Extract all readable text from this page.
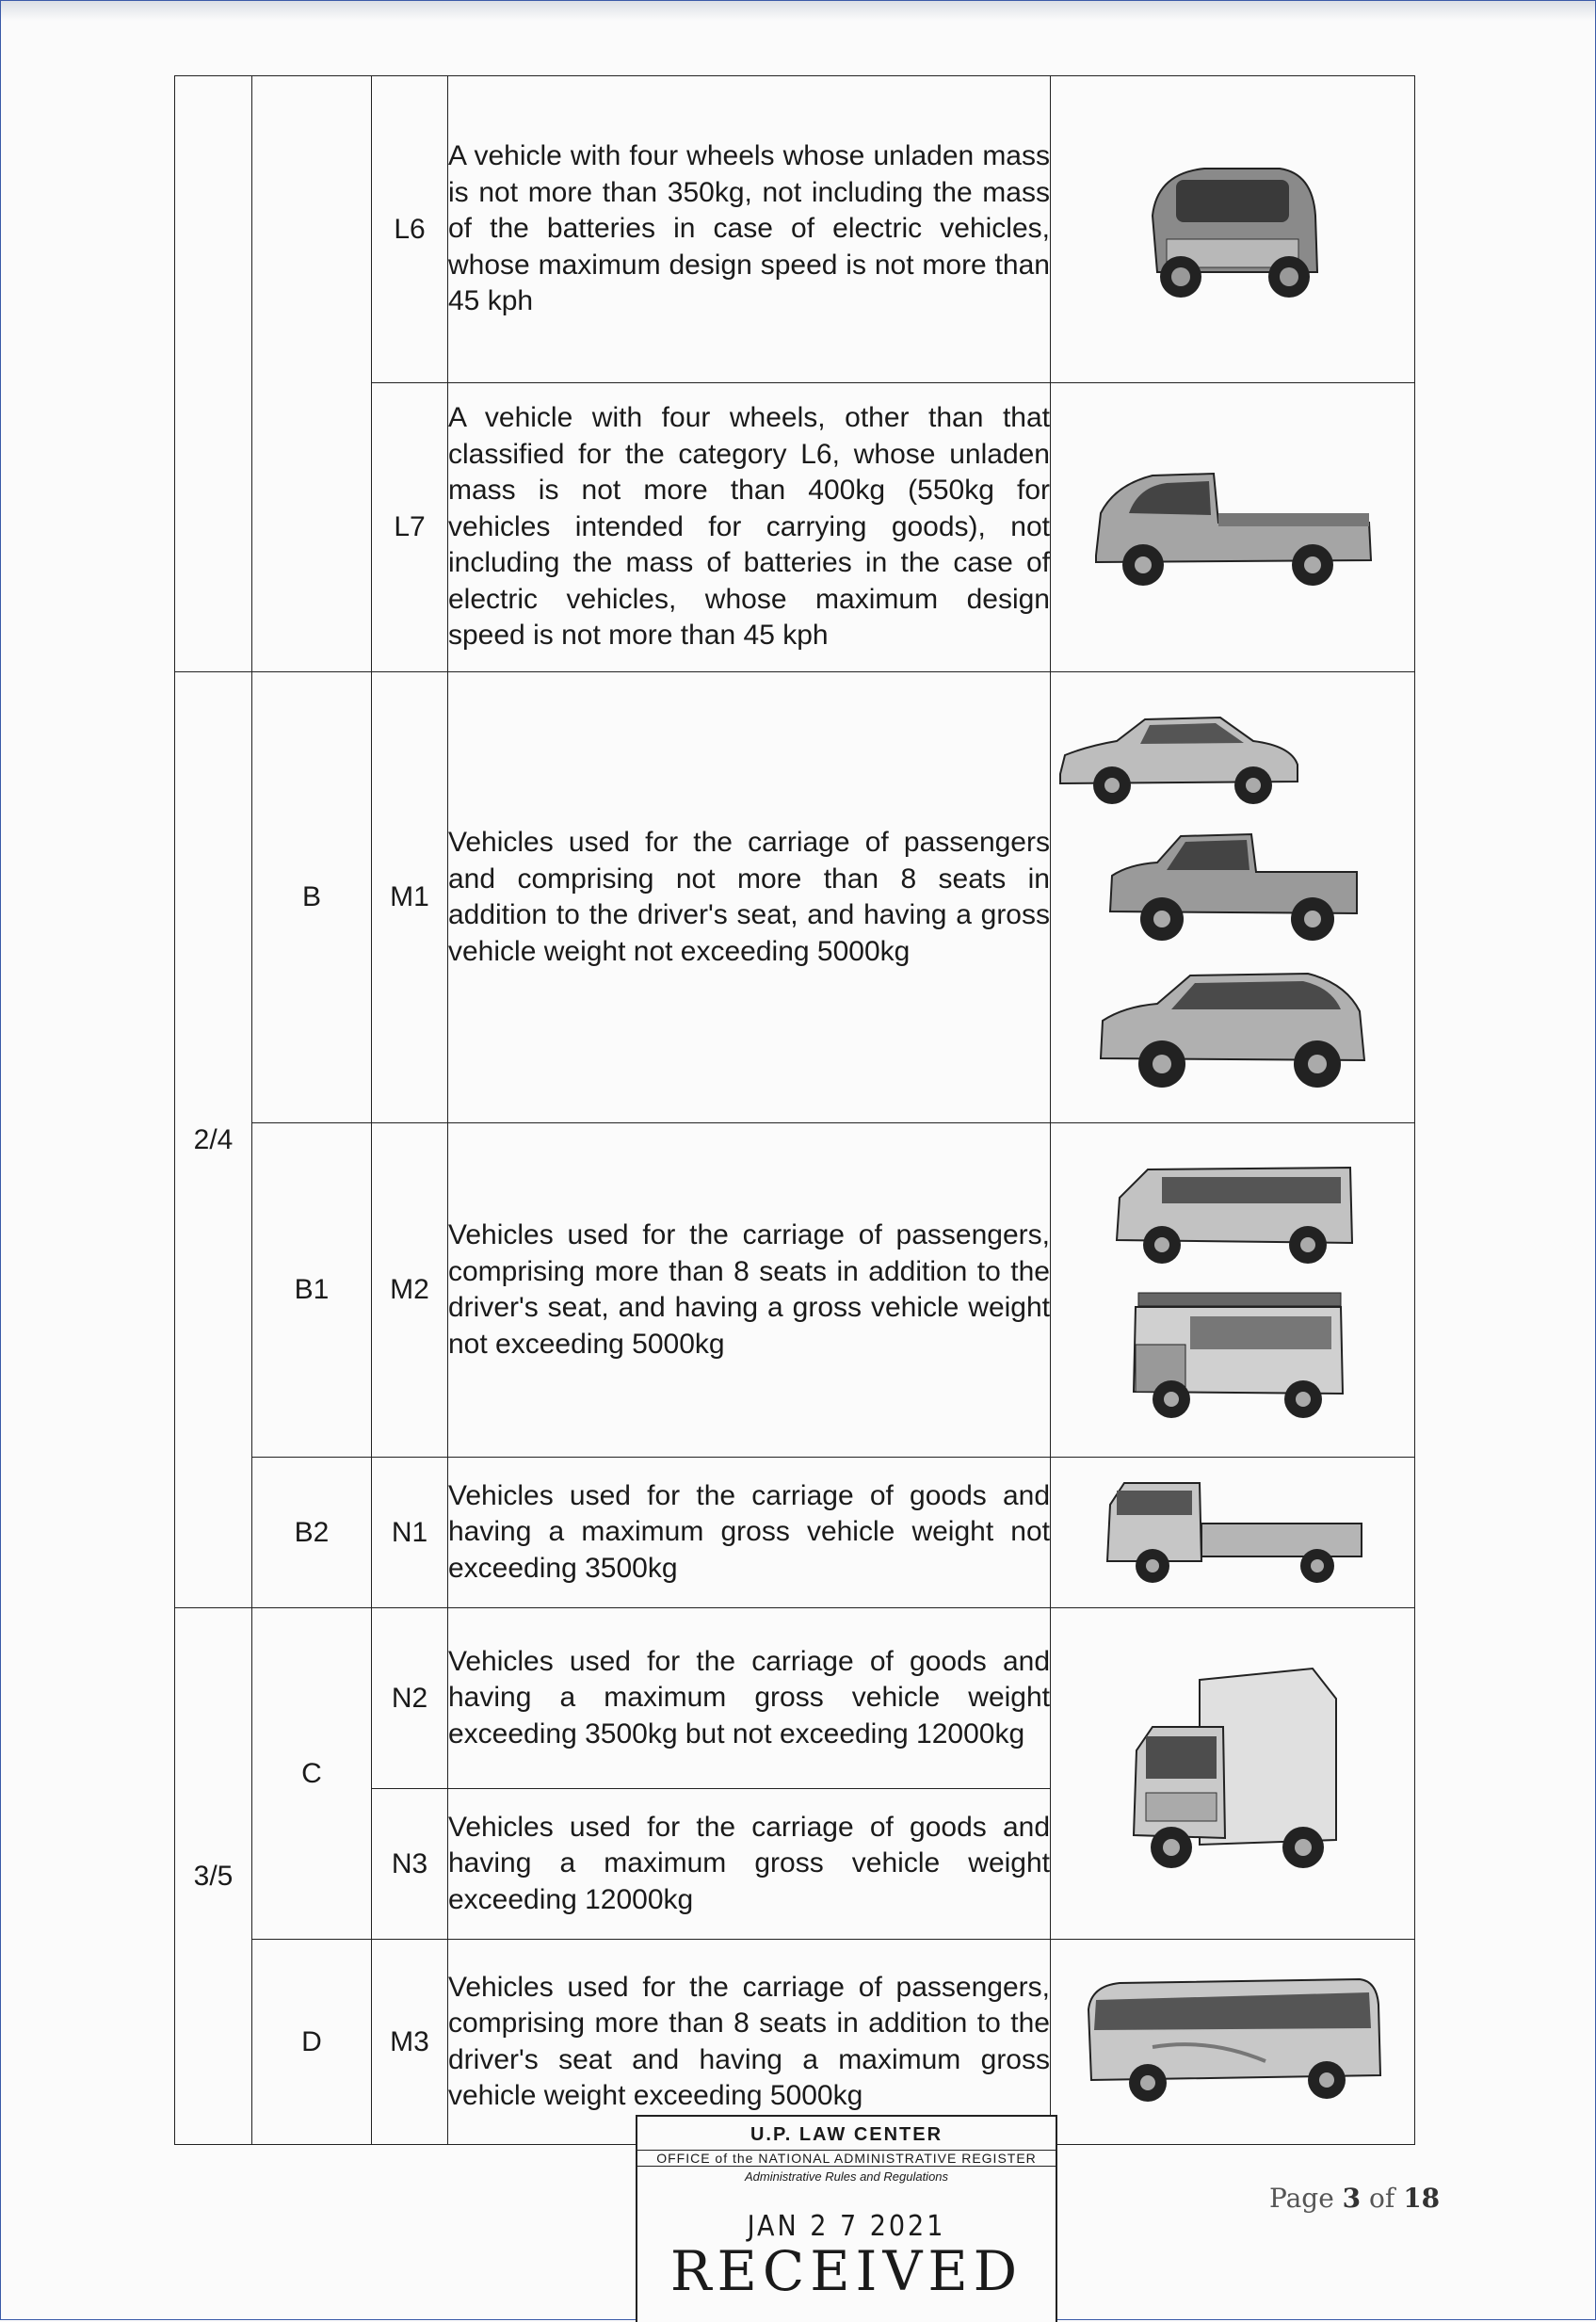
		L6	A vehicle with four wheels whose unladen mass is not more than 350kg, not including the mass of the batteries in case of electric vehicles, whose maximum design speed is not more than 45 kph

		L7	A vehicle with four wheels, other than that classified for the category L6, whose unladen mass is not more than 400kg (550kg for vehicles intended for carrying goods), not including the mass of batteries in the case of electric vehicles, whose maximum design speed is not more than 45 kph

2/4	B	M1	Vehicles used for the carriage of passengers and comprising not more than 8 seats in addition to the driver's seat, and having a gross vehicle weight not exceeding 5000kg

	B1	M2	Vehicles used for the carriage of passengers, comprising more than 8 seats in addition to the driver's seat, and having a gross vehicle weight not exceeding 5000kg

	B2	N1	Vehicles used for the carriage of goods and having a maximum gross vehicle weight not exceeding 3500kg

3/5	C	N2	Vehicles used for the carriage of goods and having a maximum gross vehicle weight exceeding 3500kg but not exceeding 12000kg

		N3	Vehicles used for the carriage of goods and having a maximum gross vehicle weight exceeding 12000kg	

	D	M3	Vehicles used for the carriage of passengers, comprising more than 8 seats in addition to the driver's seat and having a maximum gross vehicle weight exceeding 5000kg

Page 3 of 18
U.P. LAW CENTER
OFFICE of the NATIONAL ADMINISTRATIVE REGISTER
Administrative Rules and Regulations
JAN 2 7 2021
RECEIVED
